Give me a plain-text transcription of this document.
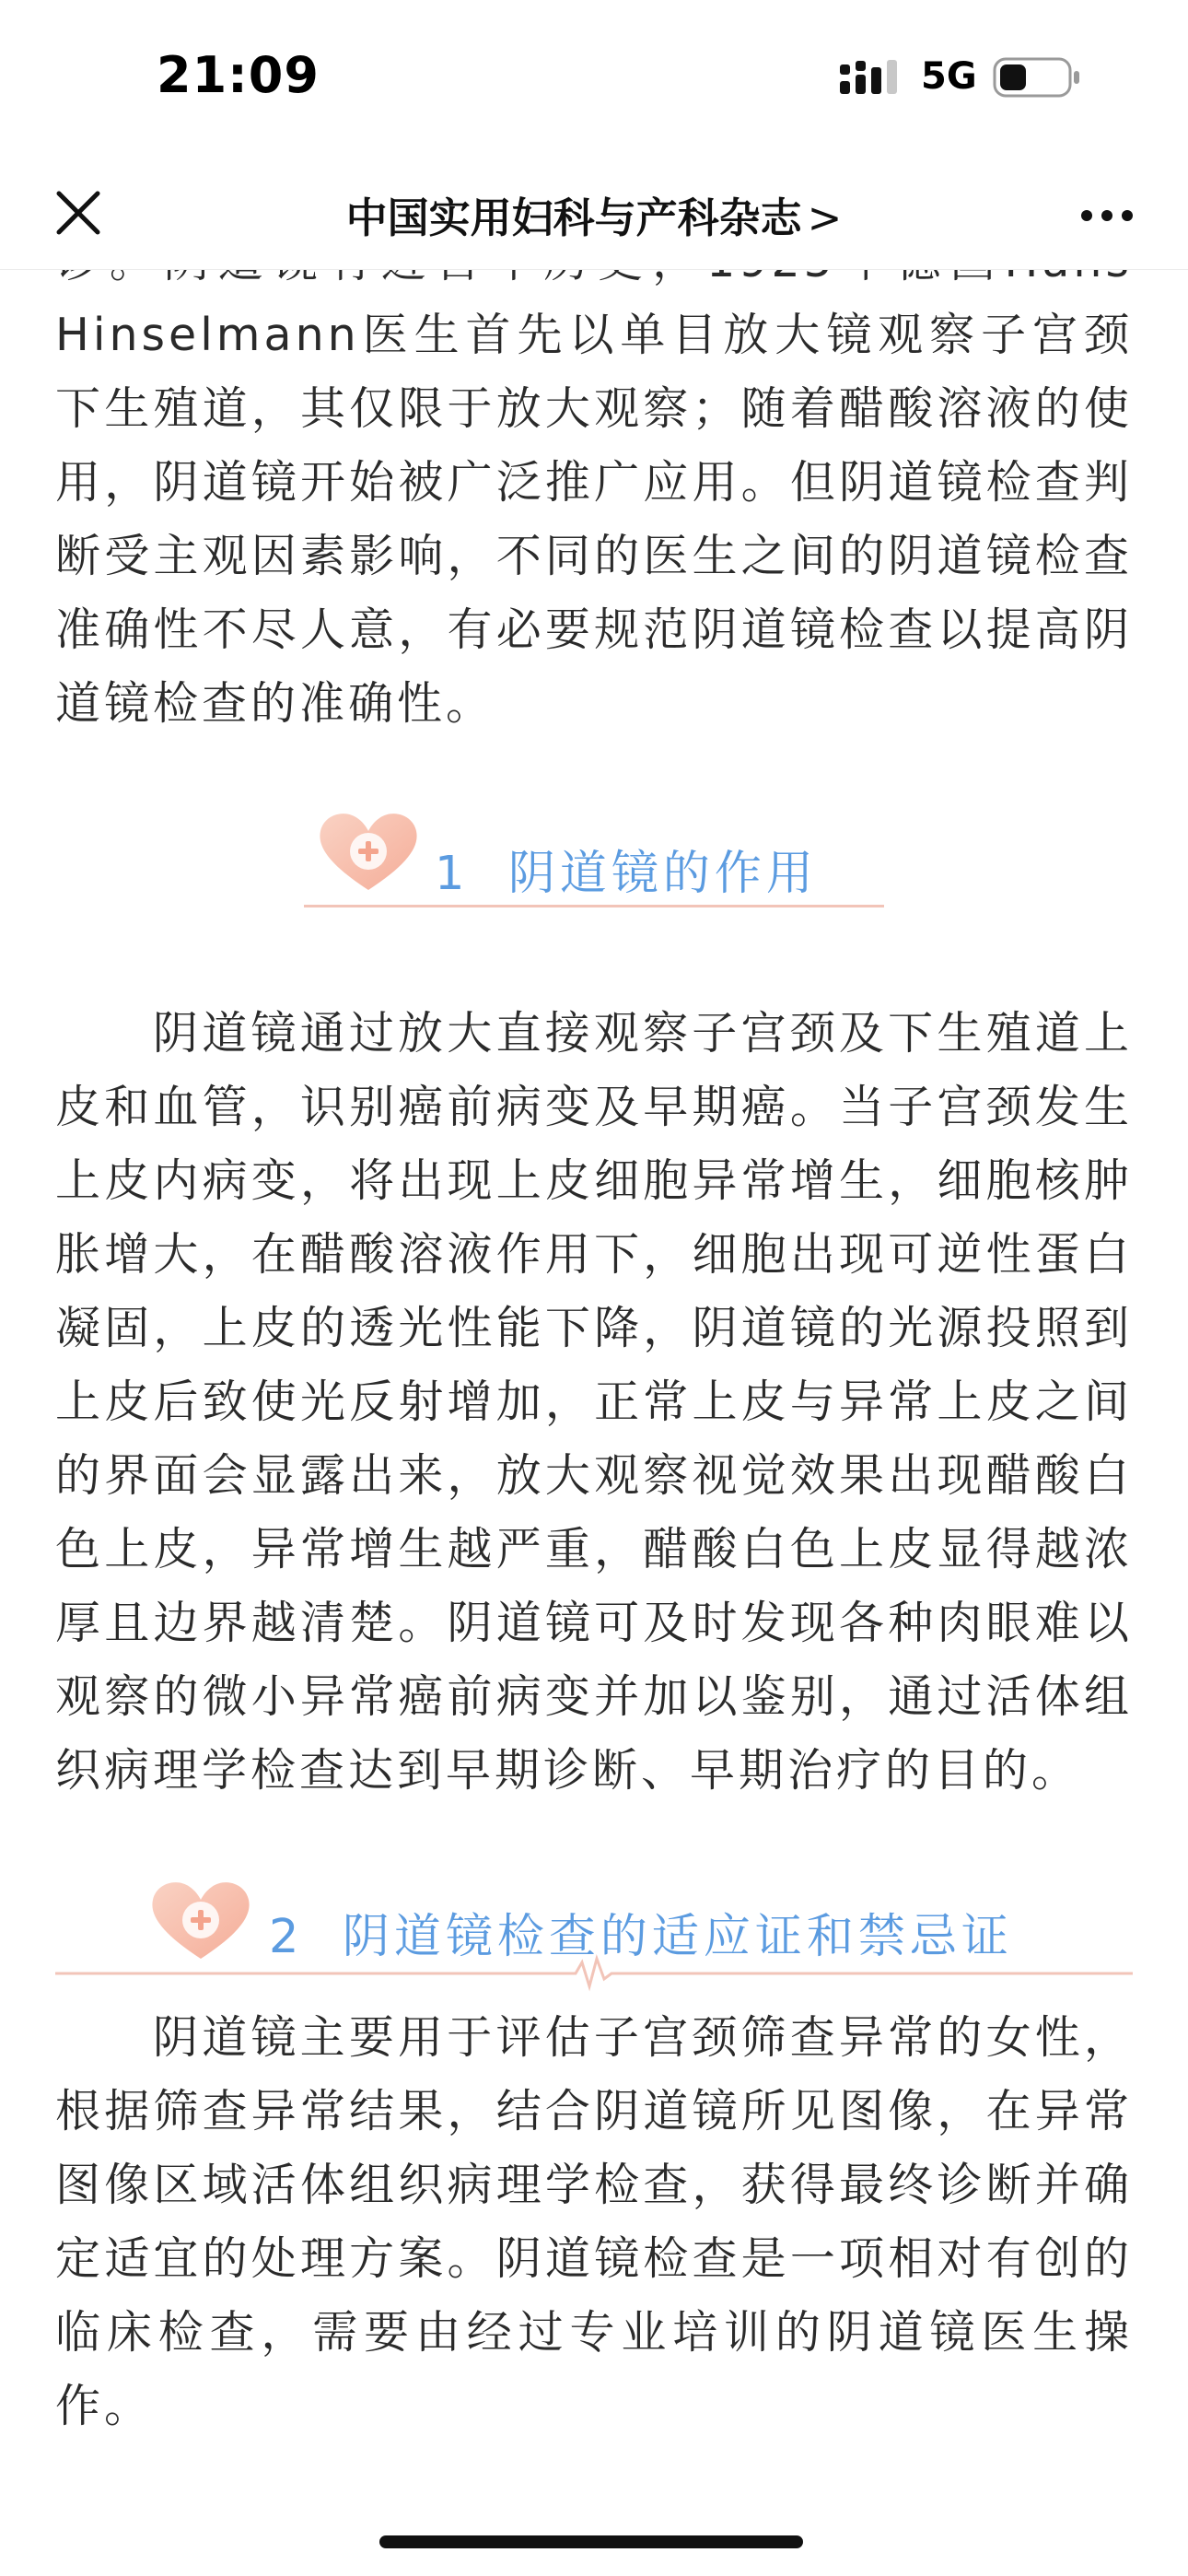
21:09	5G
中国实用妇科与产科杂志 >

Hinselmann医生首先以单目放大镜观察子宫颈下生殖道，其仅限于放大观察；随着醋酸溶液的使用，阴道镜开始被广泛推广应用。但阴道镜检查判断受主观因素影响，不同的医生之间的阴道镜检查准确性不尽人意，有必要规范阴道镜检查以提高阴道镜检查的准确性。

1 阴道镜的作用

阴道镜通过放大直接观察子宫颈及下生殖道上皮和血管，识别癌前病变及早期癌。当子宫颈发生上皮内病变，将出现上皮细胞异常增生，细胞核肿胀增大，在醋酸溶液作用下，细胞出现可逆性蛋白凝固，上皮的透光性能下降，阴道镜的光源投照到上皮后致使光反射增加，正常上皮与异常上皮之间的界面会显露出来，放大观察视觉效果出现醋酸白色上皮，异常增生越严重，醋酸白色上皮显得越浓厚且边界越清楚。阴道镜可及时发现各种肉眼难以观察的微小异常癌前病变并加以鉴别，通过活体组织病理学检查达到早期诊断、早期治疗的目的。

2 阴道镜检查的适应证和禁忌证

阴道镜主要用于评估子宫颈筛查异常的女性，根据筛查异常结果，结合阴道镜所见图像，在异常图像区域活体组织病理学检查，获得最终诊断并确定适宜的处理方案。阴道镜检查是一项相对有创的临床检查，需要由经过专业培训的阴道镜医生操作。
